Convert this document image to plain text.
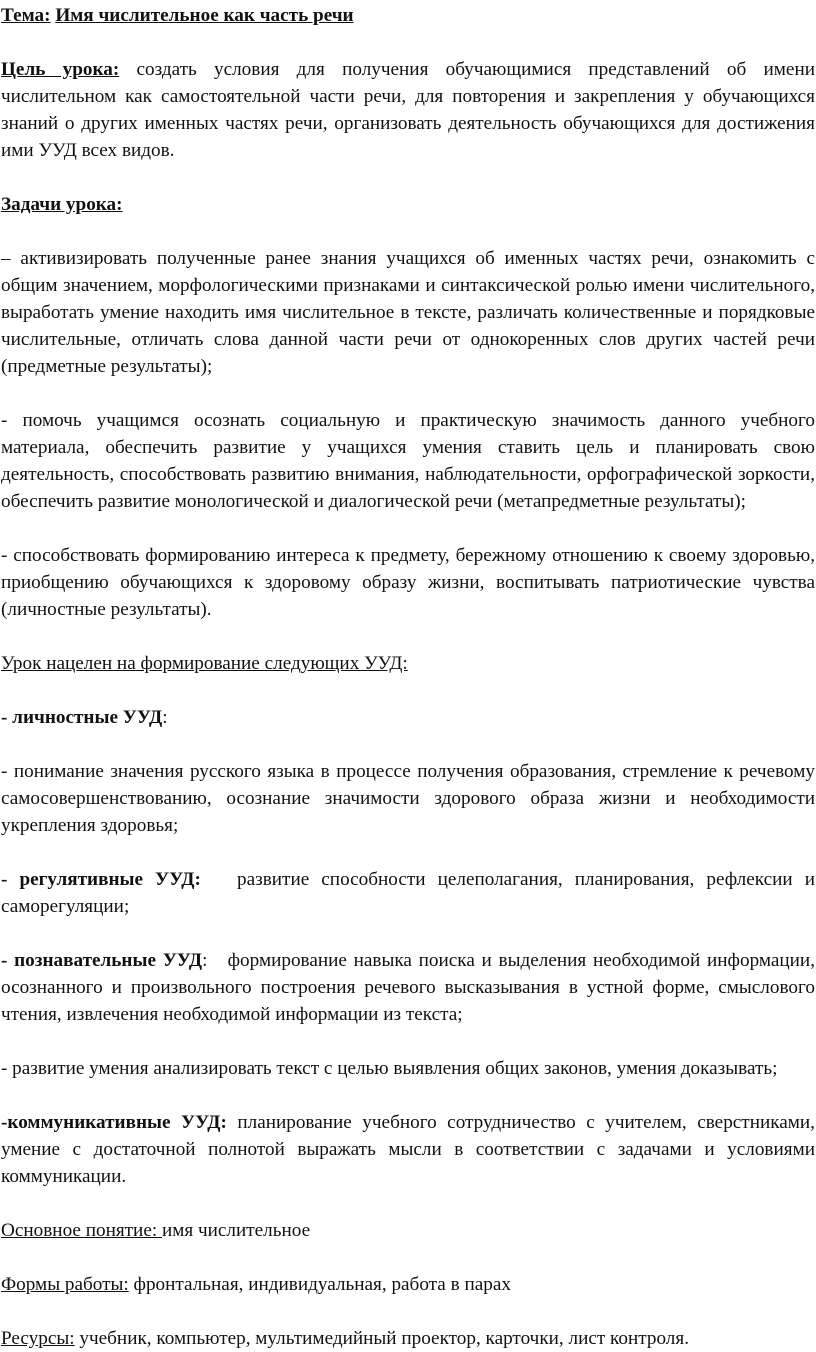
Тема: Имя числительное как часть речи

Цель урока: создать условия для получения обучающимися представлений об имени числительном как самостоятельной части речи, для повторения и закрепления у обучающихся знаний о других именных частях речи, организовать деятельность обучающихся для достижения ими УУД всех видов.

Задачи урока:

– активизировать полученные ранее знания учащихся об именных частях речи, ознакомить с общим значением, морфологическими признаками и синтаксической ролью имени числительного, выработать умение находить имя числительное в тексте, различать количественные и порядковые числительные, отличать слова данной части речи от однокоренных слов других частей речи (предметные результаты);

- помочь учащимся осознать социальную и практическую значимость данного учебного материала, обеспечить развитие у учащихся умения ставить цель и планировать свою деятельность, способствовать развитию внимания, наблюдательности, орфографической зоркости, обеспечить развитие монологической и диалогической речи (метапредметные результаты);

- способствовать формированию интереса к предмету, бережному отношению к своему здоровью, приобщению обучающихся к здоровому образу жизни, воспитывать патриотические чувства (личностные результаты).

Урок нацелен на формирование следующих УУД:

- личностные УУД:

- понимание значения русского языка в процессе получения образования, стремление к речевому самосовершенствованию, осознание значимости здорового образа жизни и необходимости укрепления здоровья;

- регулятивные УУД:   развитие способности целеполагания, планирования, рефлексии и саморегуляции;

- познавательные УУД:   формирование навыка поиска и выделения необходимой информации, осознанного и произвольного построения речевого высказывания в устной форме, смыслового чтения, извлечения необходимой информации из текста;

- развитие умения анализировать текст с целью выявления общих законов, умения доказывать;

-коммуникативные УУД: планирование учебного сотрудничество с учителем, сверстниками, умение с достаточной полнотой выражать мысли в соответствии с задачами и условиями коммуникации.

Основное понятие: имя числительное

Формы работы: фронтальная, индивидуальная, работа в парах

Ресурсы: учебник, компьютер, мультимедийный проектор, карточки, лист контроля.
